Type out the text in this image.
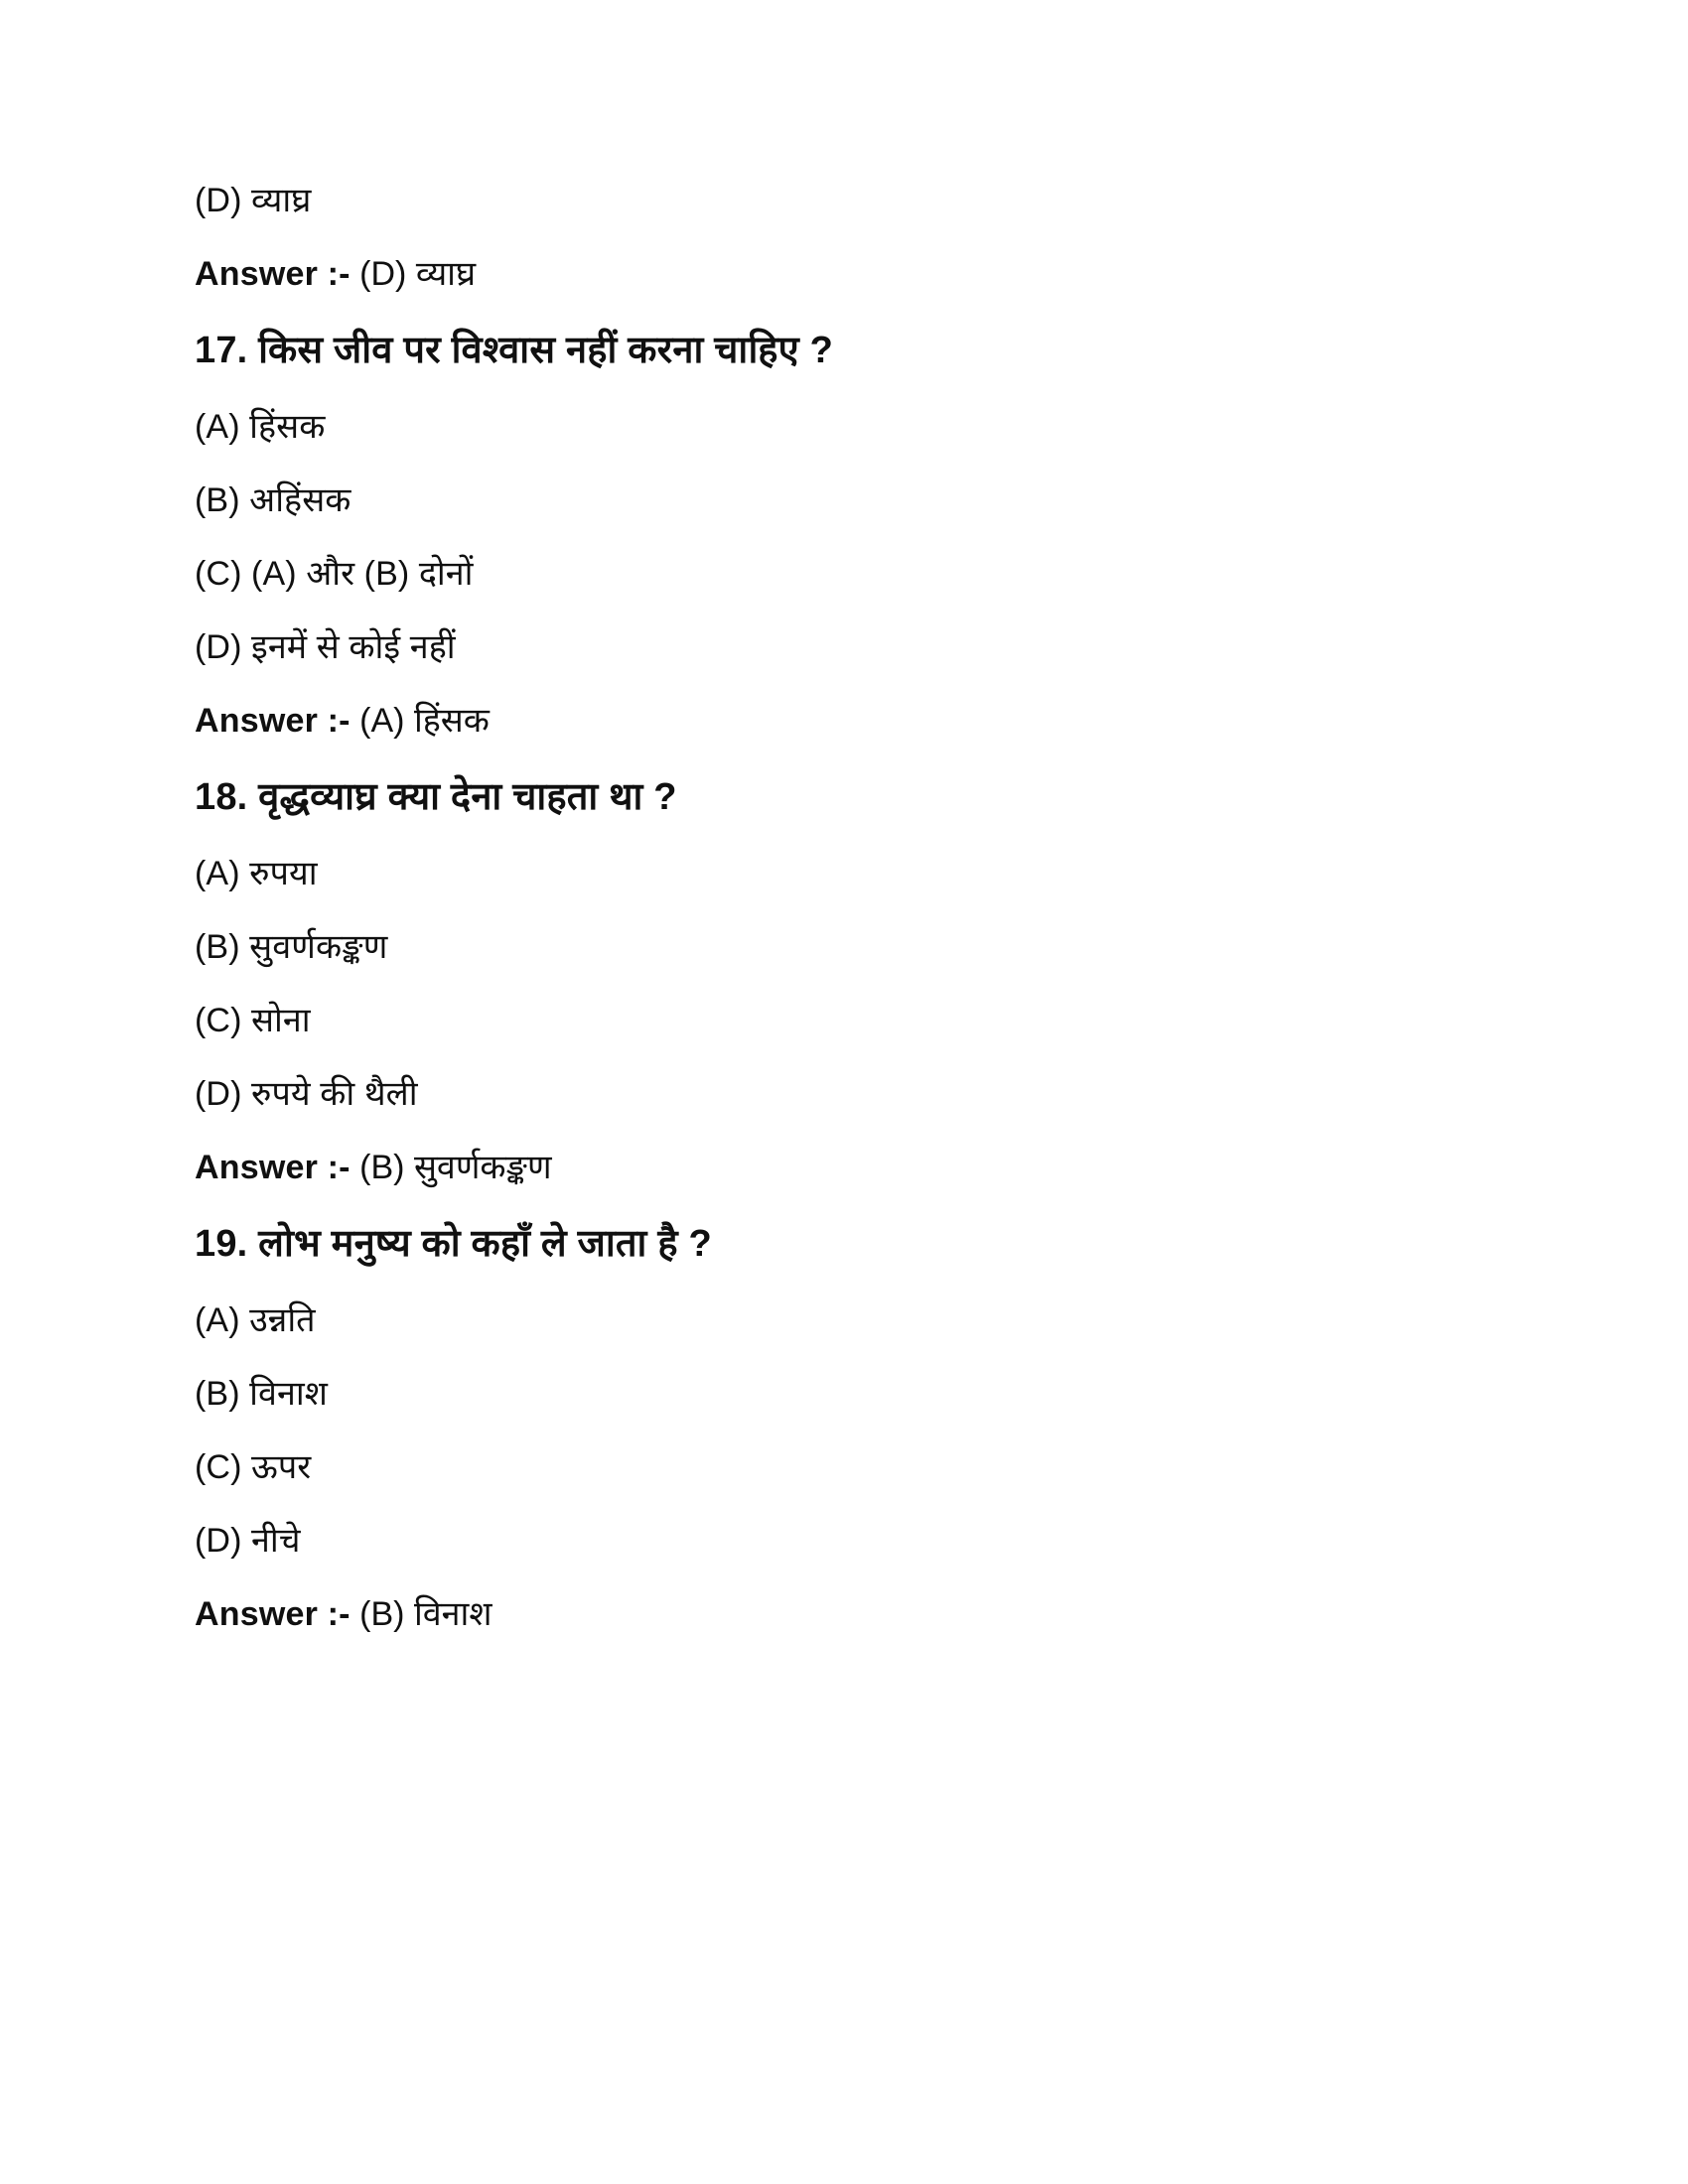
(D) व्याघ्र
Answer :- (D) व्याघ्र
17. किस जीव पर विश्वास नहीं करना चाहिए ?
(A) हिंसक
(B) अहिंसक
(C) (A) और (B) दोनों
(D) इनमें से कोई नहीं
Answer :- (A) हिंसक
18. वृद्धव्याघ्र क्या देना चाहता था ?
(A) रुपया
(B) सुवर्णकङ्कण
(C) सोना
(D) रुपये की थैली
Answer :- (B) सुवर्णकङ्कण
19. लोभ मनुष्य को कहाँ ले जाता है ?
(A) उन्नति
(B) विनाश
(C) ऊपर
(D) नीचे
Answer :- (B) विनाश
